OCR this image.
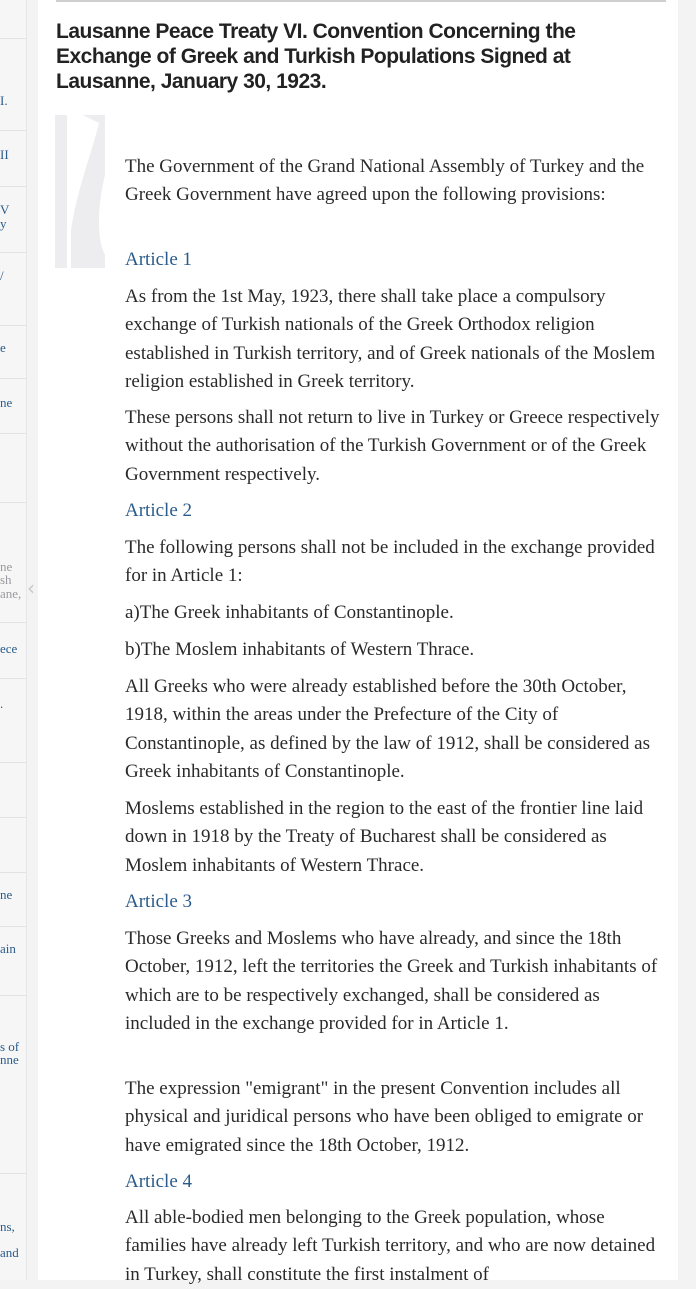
I.
II
V
y
/
e
ne
ne
sh
ane,
ece
.
ne
ain
s of
nne
ns,
and
‹
Lausanne Peace Treaty VI. Convention Concerning the Exchange of Greek and Turkish Populations Signed at Lausanne, January 30, 1923.

The Government of the Grand National Assembly of Turkey and the Greek Government have agreed upon the following provisions:

Article 1

As from the 1st May, 1923, there shall take place a compulsory exchange of Turkish nationals of the Greek Orthodox religion established in Turkish territory, and of Greek nationals of the Moslem religion established in Greek territory.

These persons shall not return to live in Turkey or Greece respectively without the authorisation of the Turkish Government or of the Greek Government respectively.

Article 2

The following persons shall not be included in the exchange provided for in Article 1:

a)The Greek inhabitants of Constantinople.

b)The Moslem inhabitants of Western Thrace.

All Greeks who were already established before the 30th October, 1918, within the areas under the Prefecture of the City of Constantinople, as defined by the law of 1912, shall be considered as Greek inhabitants of Constantinople.

Moslems established in the region to the east of the frontier line laid down in 1918 by the Treaty of Bucharest shall be considered as Moslem inhabitants of Western Thrace.

Article 3

Those Greeks and Moslems who have already, and since the 18th October, 1912, left the territories the Greek and Turkish inhabitants of which are to be respectively exchanged, shall be considered as included in the exchange provided for in Article 1.

The expression "emigrant" in the present Convention includes all physical and juridical persons who have been obliged to emigrate or have emigrated since the 18th October, 1912.

Article 4

All able-bodied men belonging to the Greek population, whose families have already left Turkish territory, and who are now detained in Turkey, shall constitute the first instalment of
